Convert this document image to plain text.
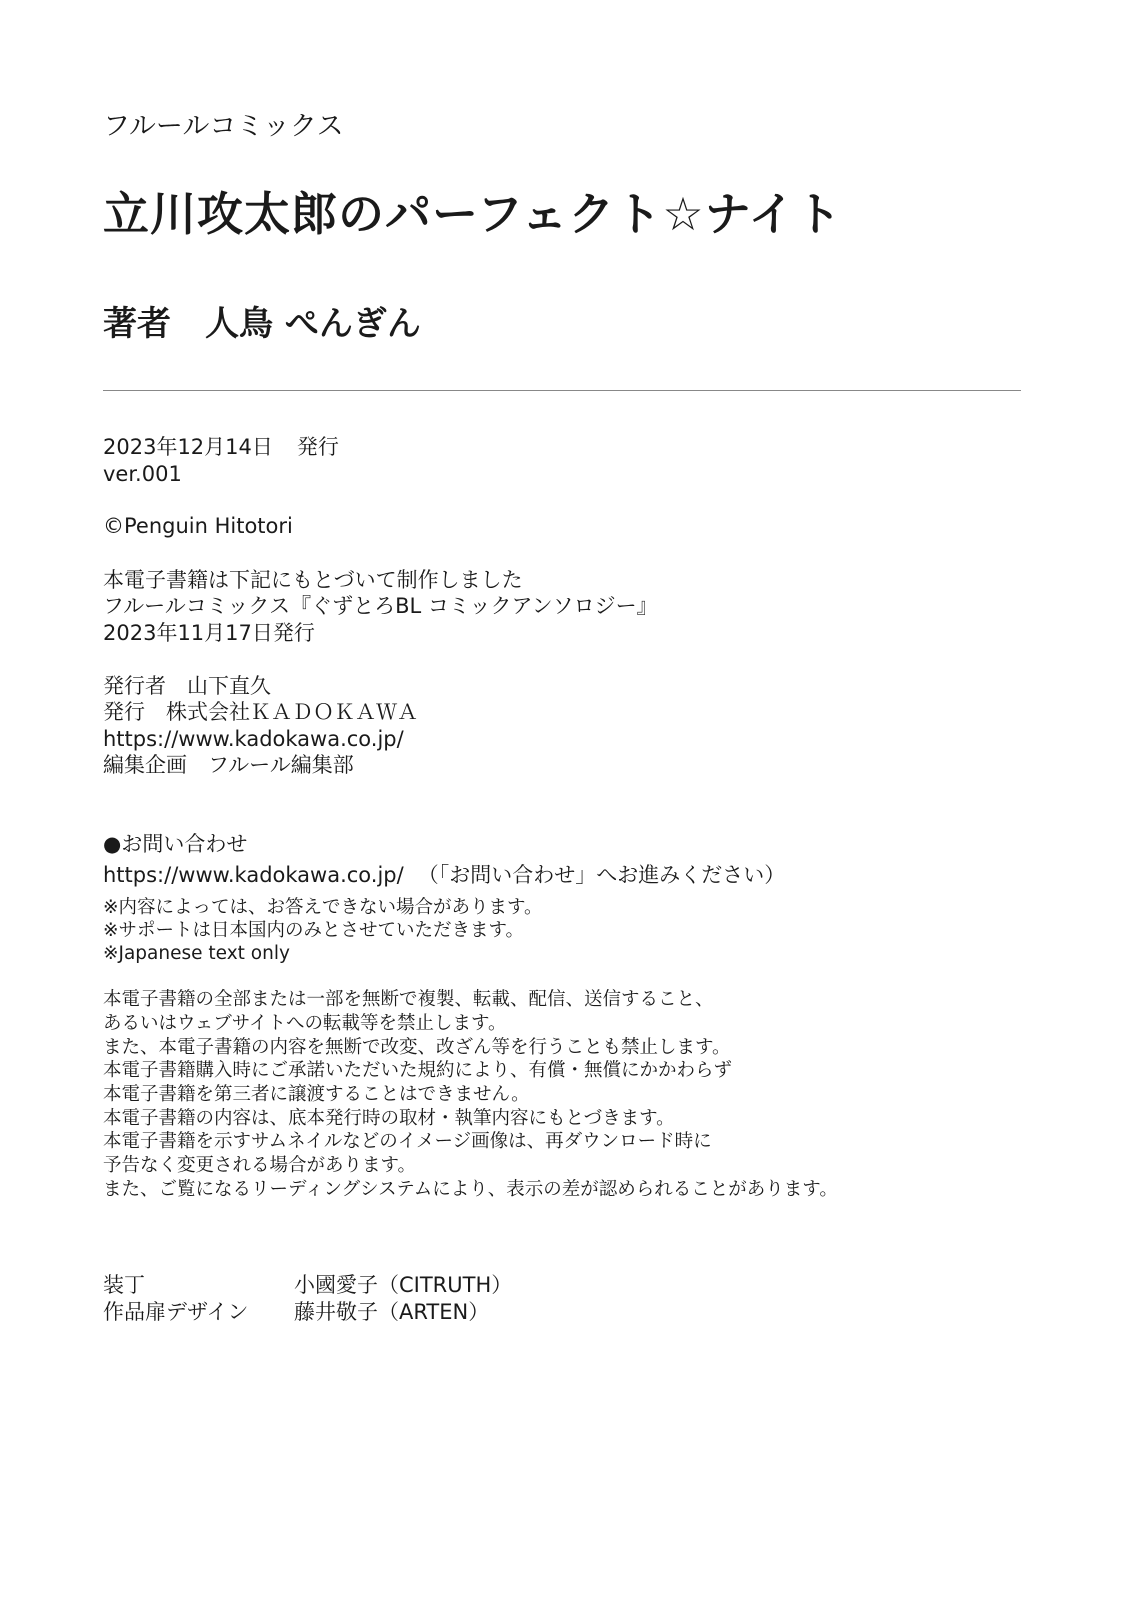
フルールコミックス

立川攻太郎のパーフェクト☆ナイト

著者 人鳥 ぺんぎん

2023年12月14日 発行

ver.001

©Penguin Hitotori

本電子書籍は下記にもとづいて制作しました

フルールコミックス『ぐずとろBL コミックアンソロジー』

2023年11月17日発行

発行者 山下直久

発行 株式会社ＫＡＤＯＫＡＷＡ

https://www.kadokawa.co.jp/

編集企画 フルール編集部

●お問い合わせ

https://www.kadokawa.co.jp/ （「お問い合わせ」へお進みください）

※内容によっては、お答えできない場合があります。

※サポートは日本国内のみとさせていただきます。

※Japanese text only

本電子書籍の全部または一部を無断で複製、転載、配信、送信すること、

あるいはウェブサイトへの転載等を禁止します。

また、本電子書籍の内容を無断で改変、改ざん等を行うことも禁止します。

本電子書籍購入時にご承諾いただいた規約により、有償・無償にかかわらず

本電子書籍を第三者に譲渡することはできません。

本電子書籍の内容は、底本発行時の取材・執筆内容にもとづきます。

本電子書籍を示すサムネイルなどのイメージ画像は、再ダウンロード時に

予告なく変更される場合があります。

また、ご覧になるリーディングシステムにより、表示の差が認められることがあります。

装丁	小國愛子（CITRUTH）

作品扉デザイン 藤井敬子（ARTEN）
